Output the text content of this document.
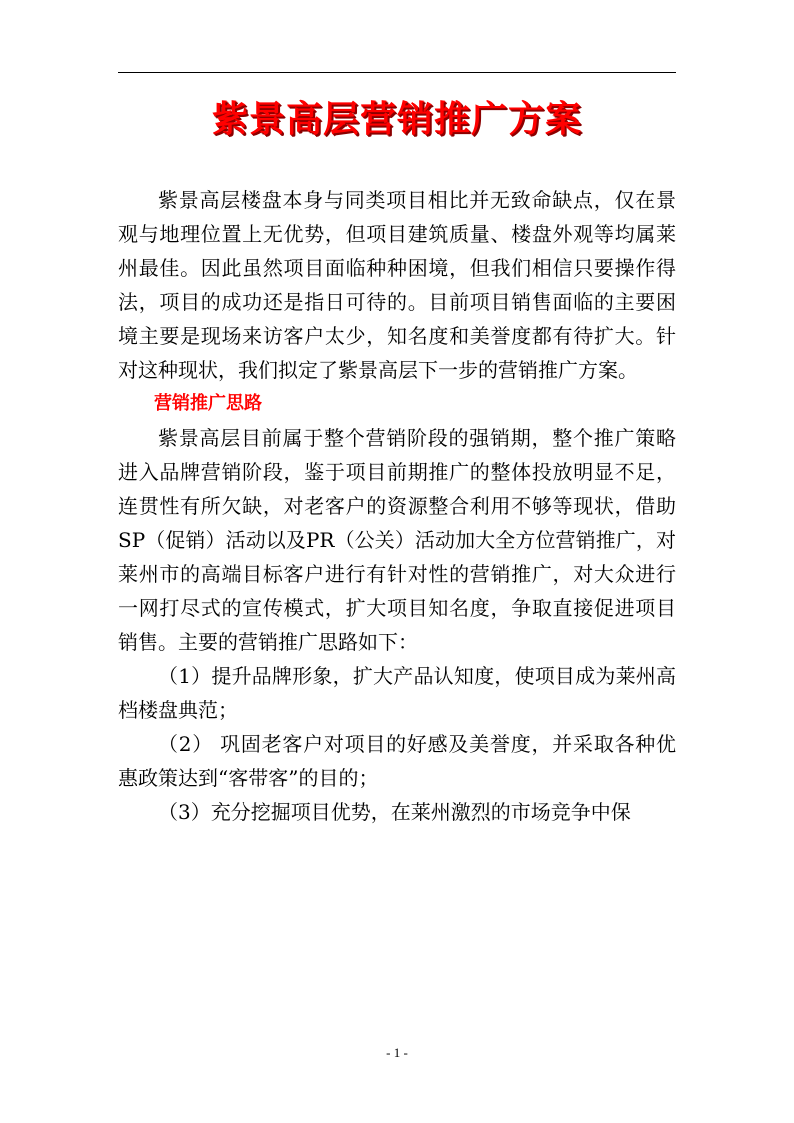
紫景高层营销推广方案

紫景高层楼盘本身与同类项目相比并无致命缺点，仅在景观与地理位置上无优势，但项目建筑质量、楼盘外观等均属莱州最佳。因此虽然项目面临种种困境，但我们相信只要操作得法，项目的成功还是指日可待的。目前项目销售面临的主要困境主要是现场来访客户太少，知名度和美誉度都有待扩大。针对这种现状，我们拟定了紫景高层下一步的营销推广方案。

营销推广思路

紫景高层目前属于整个营销阶段的强销期，整个推广策略进入品牌营销阶段，鉴于项目前期推广的整体投放明显不足，连贯性有所欠缺，对老客户的资源整合利用不够等现状，借助SP（促销）活动以及PR（公关）活动加大全方位营销推广，对莱州市的高端目标客户进行有针对性的营销推广，对大众进行一网打尽式的宣传模式，扩大项目知名度，争取直接促进项目销售。主要的营销推广思路如下：

（1）提升品牌形象，扩大产品认知度，使项目成为莱州高档楼盘典范；

（2） 巩固老客户对项目的好感及美誉度，并采取各种优惠政策达到“客带客”的目的；

（3）充分挖掘项目优势，在莱州激烈的市场竞争中保

- 1 -
